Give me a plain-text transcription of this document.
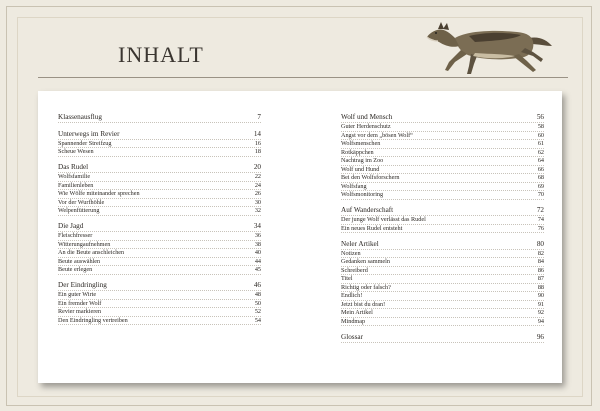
INHALT
Klassenausflug	7
Unterwegs im Revier	14
Spannender Streifzug	16
Scheue Wesen	18
Das Rudel	20
Wolfsfamilie	22
Familienleben	24
Wie Wölfe miteinander sprechen	26
Vor der Wurfhöhle	30
Welpenfütterung	32
Die Jagd	34
Fleischfresser	36
Witterungaufnehmen	38
An die Beute anschleichen	40
Beute auswählen	44
Beute erlegen	45
Der Eindringling	46
Ein guter Wirte	48
Ein fremder Wolf	50
Revier markieren	52
Den Eindringling vertreiben	54
Wolf und Mensch	56
Guter Herdenschutz	58
Angst vor dem „bösen Wolf“	60
Wolfsmenschen	61
Rotkäppchen	62
Nachtrag im Zoo	64
Wolf und Hund	66
Bei den Wolfsforschern	68
Wolfsfang	69
Wolfsmonitoring	70
Auf Wanderschaft	72
Der junge Wolf verlässt das Rudel	74
Ein neues Rudel entsteht	76
Neler Artikel	80
Notizen	82
Gedanken sammeln	84
Schreiberd	86
Titel	87
Richtig oder falsch?	88
Endlich!	90
Jetzt bist du dran!	91
Mein Artikel	92
Mindmap	94
Glossar	96
